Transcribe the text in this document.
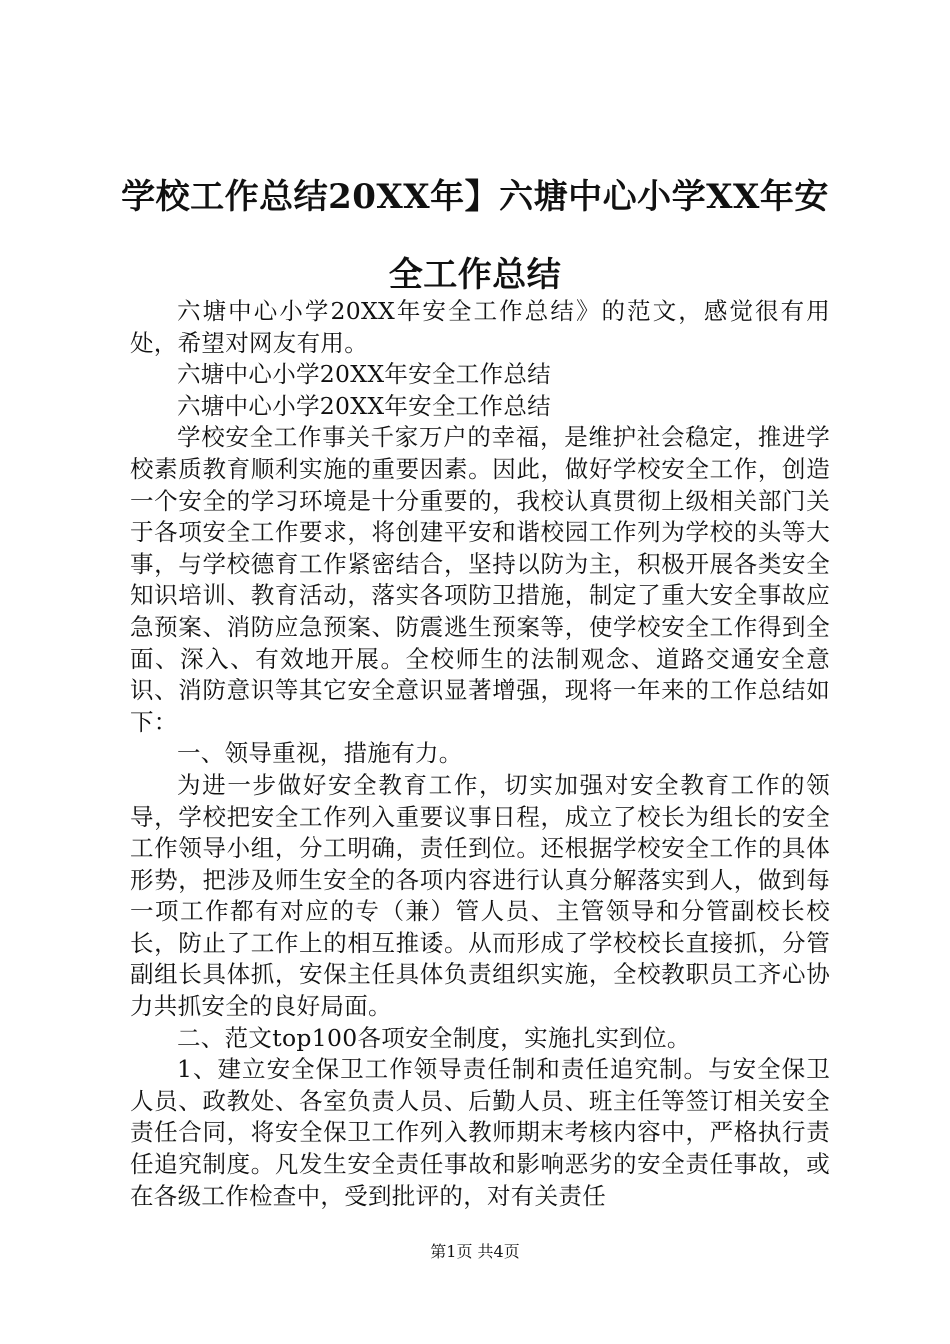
学校工作总结20XX年】六塘中心小学XX年安全工作总结

六塘中心小学20XX年安全工作总结》的范文，感觉很有用处，希望对网友有用。

六塘中心小学20XX年安全工作总结

六塘中心小学20XX年安全工作总结

学校安全工作事关千家万户的幸福，是维护社会稳定，推进学校素质教育顺利实施的重要因素。因此，做好学校安全工作，创造一个安全的学习环境是十分重要的，我校认真贯彻上级相关部门关于各项安全工作要求，将创建平安和谐校园工作列为学校的头等大事，与学校德育工作紧密结合，坚持以防为主，积极开展各类安全知识培训、教育活动，落实各项防卫措施，制定了重大安全事故应急预案、消防应急预案、防震逃生预案等，使学校安全工作得到全面、深入、有效地开展。全校师生的法制观念、道路交通安全意识、消防意识等其它安全意识显著增强，现将一年来的工作总结如下：

一、领导重视，措施有力。

为进一步做好安全教育工作，切实加强对安全教育工作的领导，学校把安全工作列入重要议事日程，成立了校长为组长的安全工作领导小组，分工明确，责任到位。还根据学校安全工作的具体形势，把涉及师生安全的各项内容进行认真分解落实到人，做到每一项工作都有对应的专（兼）管人员、主管领导和分管副校长校长，防止了工作上的相互推诿。从而形成了学校校长直接抓，分管副组长具体抓，安保主任具体负责组织实施，全校教职员工齐心协力共抓安全的良好局面。

二、范文top100各项安全制度，实施扎实到位。

1、建立安全保卫工作领导责任制和责任追究制。与安全保卫人员、政教处、各室负责人员、后勤人员、班主任等签订相关安全责任合同，将安全保卫工作列入教师期末考核内容中，严格执行责任追究制度。凡发生安全责任事故和影响恶劣的安全责任事故，或在各级工作检查中，受到批评的，对有关责任

第1页 共4页
